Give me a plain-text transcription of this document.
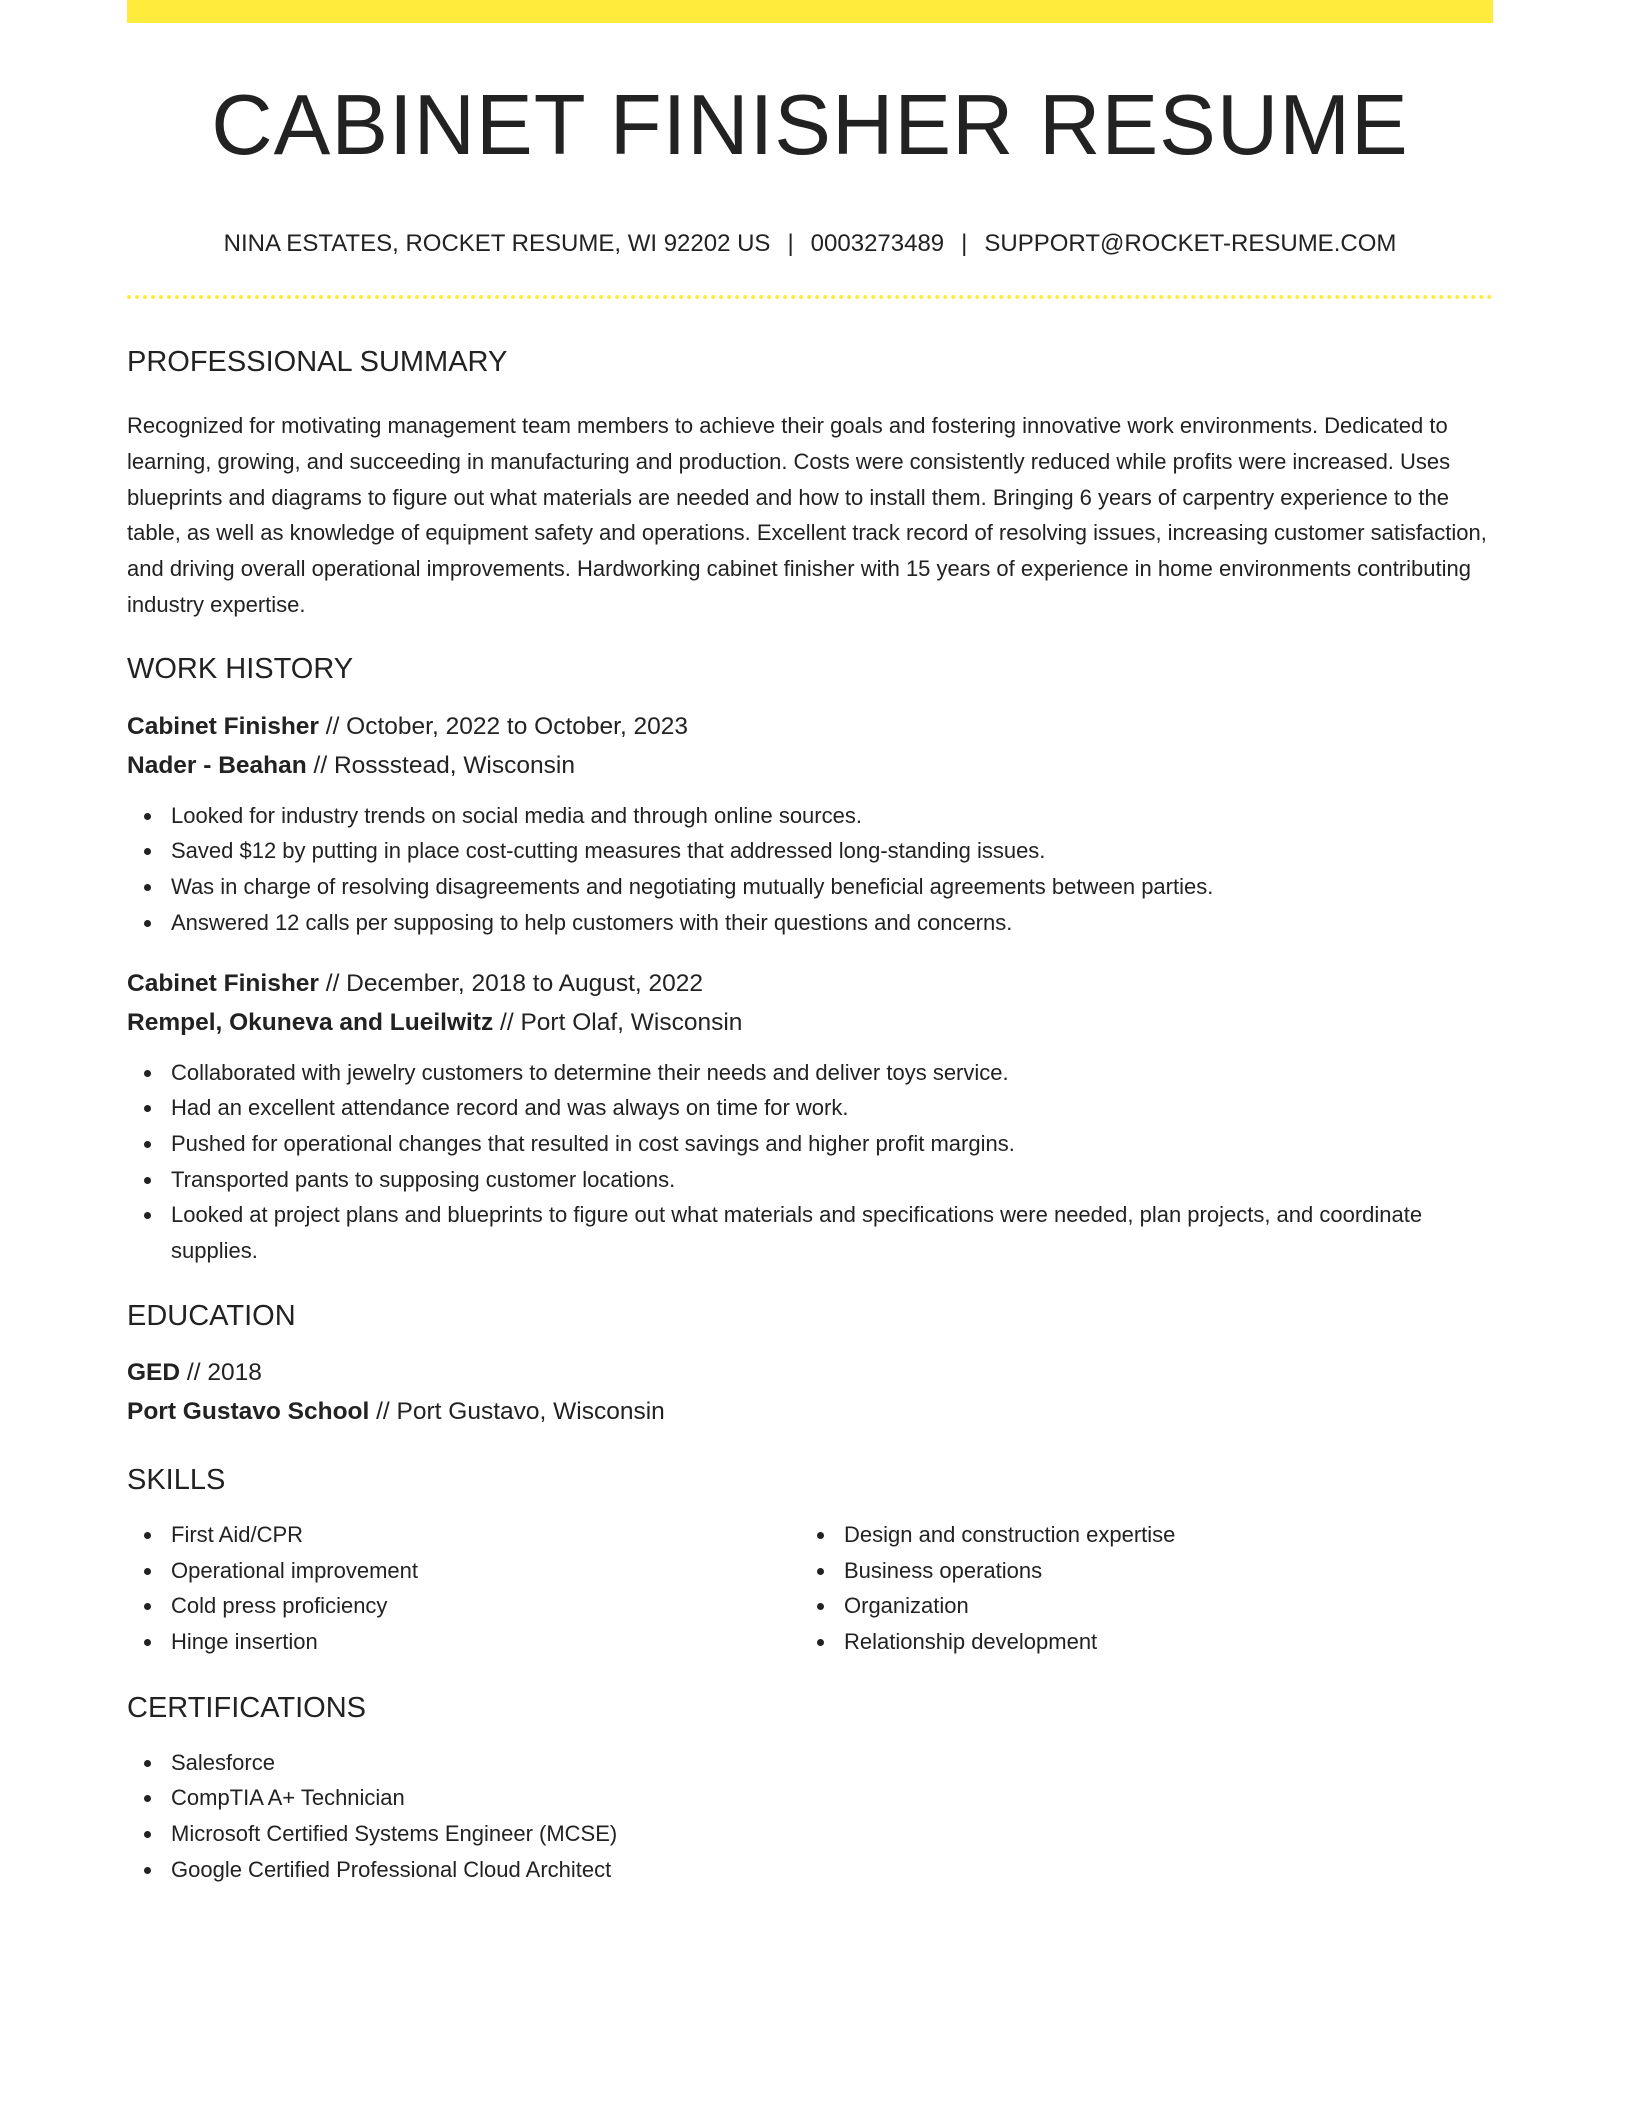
CABINET FINISHER RESUME
NINA ESTATES, ROCKET RESUME, WI 92202 US | 0003273489 | SUPPORT@ROCKET-RESUME.COM
PROFESSIONAL SUMMARY

Recognized for motivating management team members to achieve their goals and fostering innovative work environments. Dedicated to learning, growing, and succeeding in manufacturing and production. Costs were consistently reduced while profits were increased. Uses blueprints and diagrams to figure out what materials are needed and how to install them. Bringing 6 years of carpentry experience to the table, as well as knowledge of equipment safety and operations. Excellent track record of resolving issues, increasing customer satisfaction, and driving overall operational improvements. Hardworking cabinet finisher with 15 years of experience in home environments contributing industry expertise.

WORK HISTORY
Cabinet Finisher // October, 2022 to October, 2023
Nader - Beahan // Rossstead, Wisconsin
Looked for industry trends on social media and through online sources.
Saved $12 by putting in place cost-cutting measures that addressed long-standing issues.
Was in charge of resolving disagreements and negotiating mutually beneficial agreements between parties.
Answered 12 calls per supposing to help customers with their questions and concerns.
Cabinet Finisher // December, 2018 to August, 2022
Rempel, Okuneva and Lueilwitz // Port Olaf, Wisconsin
Collaborated with jewelry customers to determine their needs and deliver toys service.
Had an excellent attendance record and was always on time for work.
Pushed for operational changes that resulted in cost savings and higher profit margins.
Transported pants to supposing customer locations.
Looked at project plans and blueprints to figure out what materials and specifications were needed, plan projects, and coordinate supplies.
EDUCATION
GED // 2018
Port Gustavo School // Port Gustavo, Wisconsin
SKILLS
First Aid/CPR
Operational improvement
Cold press proficiency
Hinge insertion
Design and construction expertise
Business operations
Organization
Relationship development
CERTIFICATIONS
Salesforce
CompTIA A+ Technician
Microsoft Certified Systems Engineer (MCSE)
Google Certified Professional Cloud Architect
